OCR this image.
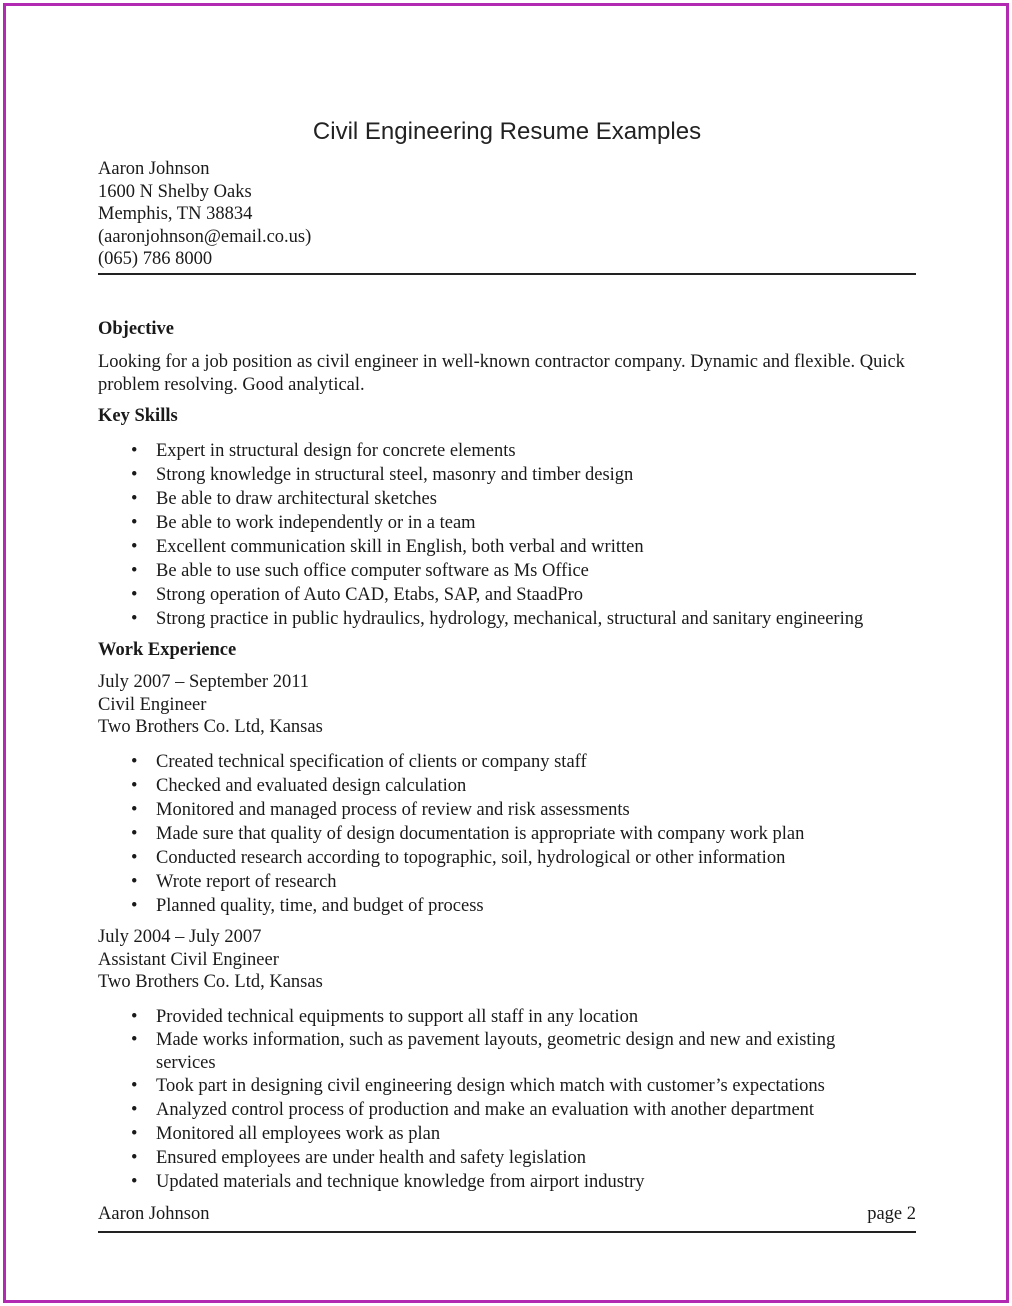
Civil Engineering Resume Examples
Aaron Johnson
1600 N Shelby Oaks
Memphis, TN 38834
(aaronjohnson@email.co.us)
(065) 786 8000
Objective
Looking for a job position as civil engineer in well-known contractor company. Dynamic and flexible. Quick problem resolving. Good analytical.
Key Skills
• Expert in structural design for concrete elements
• Strong knowledge in structural steel, masonry and timber design
• Be able to draw architectural sketches
• Be able to work independently or in a team
• Excellent communication skill in English, both verbal and written
• Be able to use such office computer software as Ms Office
• Strong operation of Auto CAD, Etabs, SAP, and StaadPro
• Strong practice in public hydraulics, hydrology, mechanical, structural and sanitary engineering
Work Experience
July 2007 – September 2011
Civil Engineer
Two Brothers Co. Ltd, Kansas
• Created technical specification of clients or company staff
• Checked and evaluated design calculation
• Monitored and managed process of review and risk assessments
• Made sure that quality of design documentation is appropriate with company work plan
• Conducted research according to topographic, soil, hydrological or other information
• Wrote report of research
• Planned quality, time, and budget of process
July 2004 – July 2007
Assistant Civil Engineer
Two Brothers Co. Ltd, Kansas
• Provided technical equipments to support all staff in any location
• Made works information, such as pavement layouts, geometric design and new and existing services
• Took part in designing civil engineering design which match with customer’s expectations
• Analyzed control process of production and make an evaluation with another department
• Monitored all employees work as plan
• Ensured employees are under health and safety legislation
• Updated materials and technique knowledge from airport industry
Aaron Johnson	page 2
